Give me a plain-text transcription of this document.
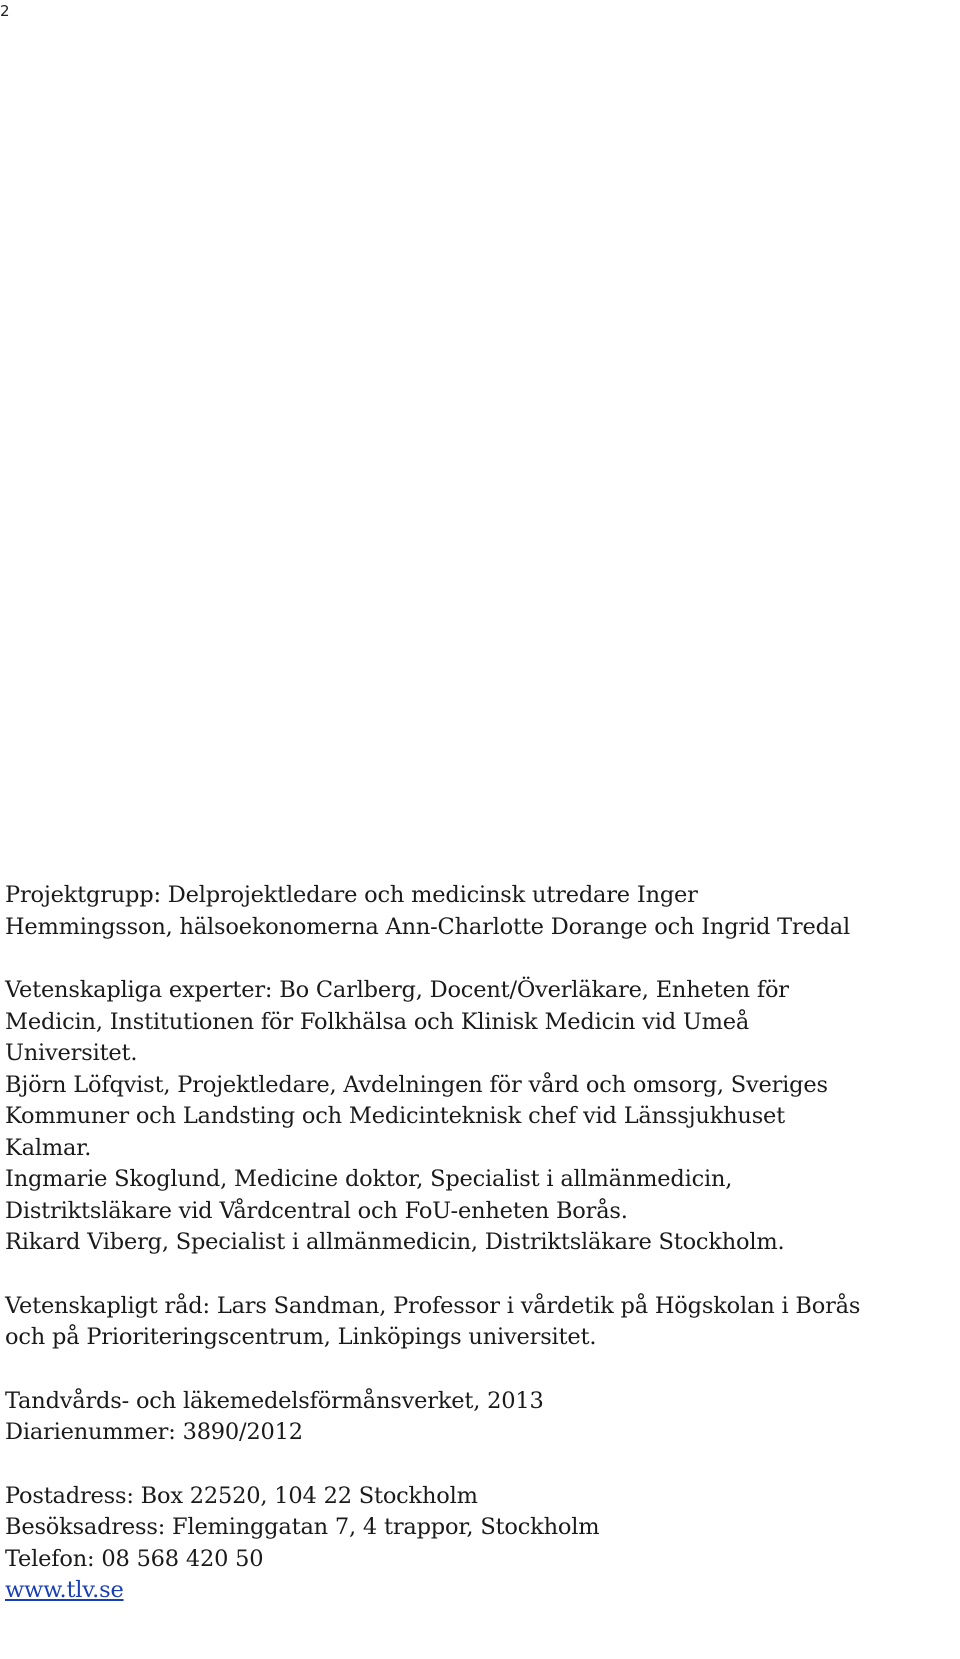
2
Projektgrupp: Delprojektledare och medicinsk utredare Inger
Hemmingsson, hälsoekonomerna Ann-Charlotte Dorange och Ingrid Tredal
Vetenskapliga experter: Bo Carlberg, Docent/Överläkare, Enheten för
Medicin, Institutionen för Folkhälsa och Klinisk Medicin vid Umeå
Universitet.
Björn Löfqvist, Projektledare, Avdelningen för vård och omsorg, Sveriges
Kommuner och Landsting och Medicinteknisk chef vid Länssjukhuset
Kalmar.
Ingmarie Skoglund, Medicine doktor, Specialist i allmänmedicin,
Distriktsläkare vid Vårdcentral och FoU-enheten Borås.
Rikard Viberg, Specialist i allmänmedicin, Distriktsläkare Stockholm.
Vetenskapligt råd: Lars Sandman, Professor i vårdetik på Högskolan i Borås
och på Prioriteringscentrum, Linköpings universitet.
Tandvårds- och läkemedelsförmånsverket, 2013
Diarienummer: 3890/2012
Postadress: Box 22520, 104 22 Stockholm
Besöksadress: Fleminggatan 7, 4 trappor, Stockholm
Telefon: 08 568 420 50
www.tlv.se
